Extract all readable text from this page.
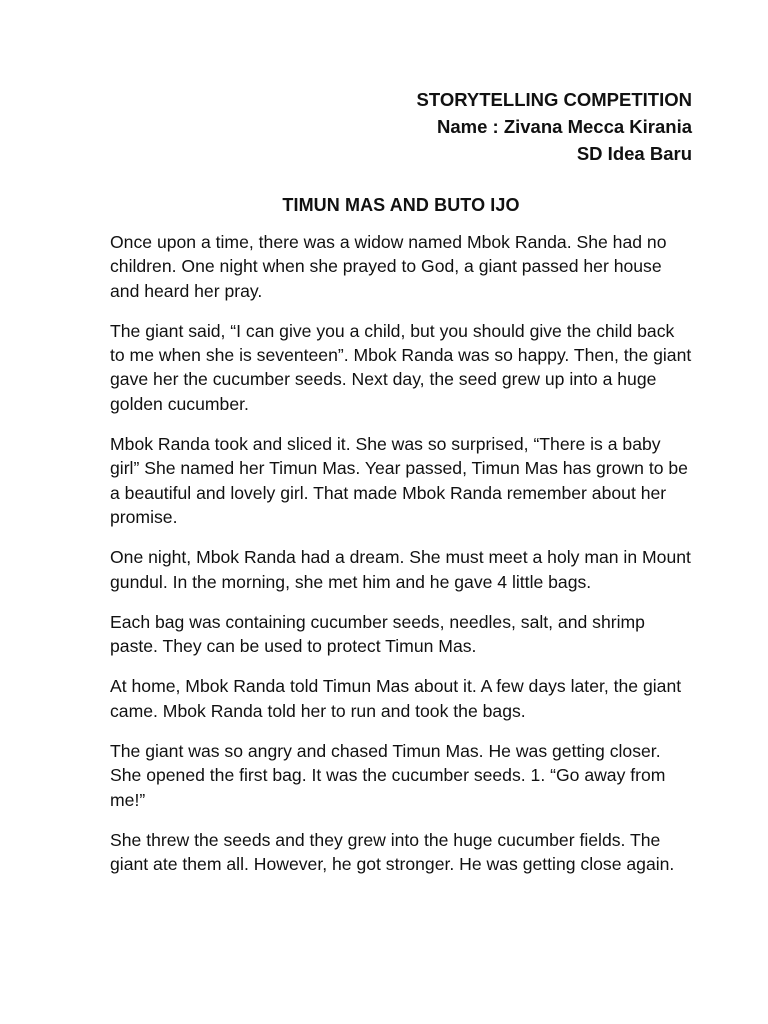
STORYTELLING COMPETITION
Name : Zivana Mecca Kirania
SD Idea Baru
TIMUN MAS AND BUTO IJO

Once upon a time, there was a widow named Mbok Randa. She had no children. One night when she prayed to God, a giant passed her house and heard her pray.

The giant said, “I can give you a child, but you should give the child back to me when she is seventeen”. Mbok Randa was so happy. Then, the giant gave her the cucumber seeds. Next day, the seed grew up into a huge golden cucumber.

Mbok Randa took and sliced it. She was so surprised, “There is a baby girl” She named her Timun Mas. Year passed, Timun Mas has grown to be a beautiful and lovely girl. That made Mbok Randa remember about her promise.

One night, Mbok Randa had a dream. She must meet a holy man in Mount gundul. In the morning, she met him and he gave 4 little bags.

Each bag was containing cucumber seeds, needles, salt, and shrimp paste. They can be used to protect Timun Mas.

At home, Mbok Randa told Timun Mas about it. A few days later, the giant came. Mbok Randa told her to run and took the bags.

The giant was so angry and chased Timun Mas. He was getting closer. She opened the first bag. It was the cucumber seeds. 1. “Go away from me!”

She threw the seeds and they grew into the huge cucumber fields. The giant ate them all. However, he got stronger. He was getting close again.
